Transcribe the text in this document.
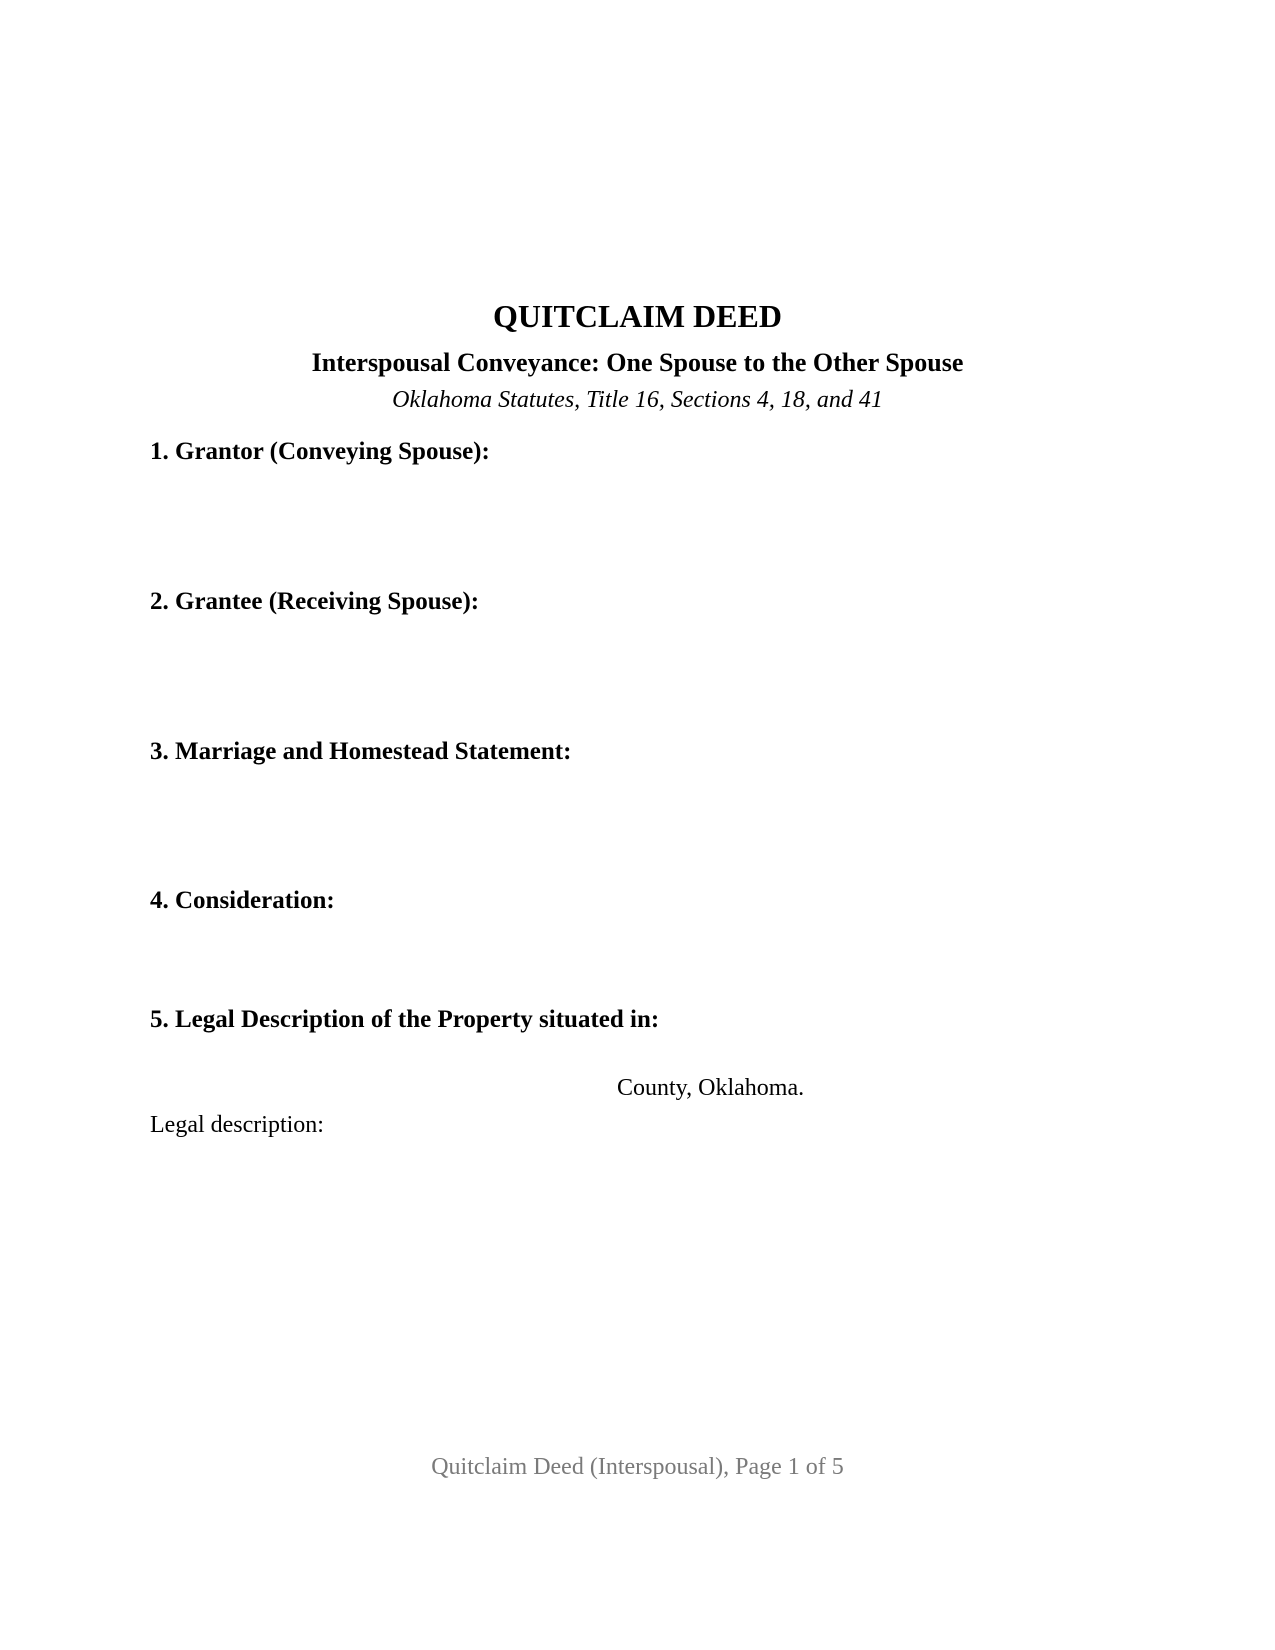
QUITCLAIM DEED
Interspousal Conveyance: One Spouse to the Other Spouse
Oklahoma Statutes, Title 16, Sections 4, 18, and 41
1. Grantor (Conveying Spouse):
2. Grantee (Receiving Spouse):
3. Marriage and Homestead Statement:
4. Consideration:
5. Legal Description of the Property situated in:
County, Oklahoma.
Legal description:
Quitclaim Deed (Interspousal), Page 1 of 5
